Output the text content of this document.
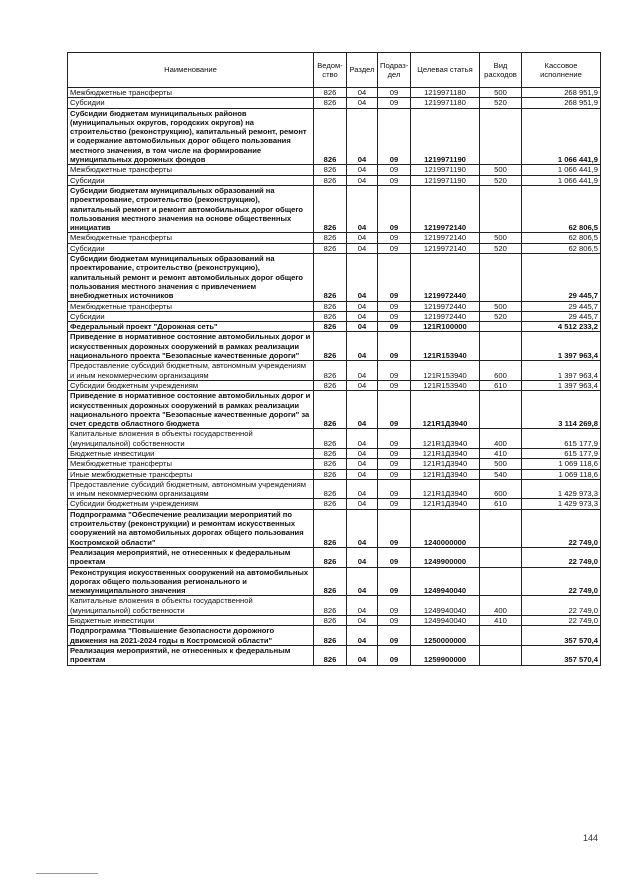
Наименование	Ведом-ство	Раздел	Подраз-дел	Целевая статья	Вид расходов	Кассовое исполнение
Межбюджетные трансферты	826	04	09	1219971180	500	268 951,9
Субсидии	826	04	09	1219971180	520	268 951,9
Субсидии бюджетам муниципальных районов (муниципальных округов, городских округов) на строительство (реконструкцию), капитальный ремонт, ремонт и содержание автомобильных дорог общего пользования местного значения, в том числе на формирование муниципальных дорожных фондов	826	04	09	1219971190		1 066 441,9
Межбюджетные трансферты	826	04	09	1219971190	500	1 066 441,9
Субсидии	826	04	09	1219971190	520	1 066 441,9
Субсидии бюджетам муниципальных образований на проектирование, строительство (реконструкцию), капитальный ремонт и ремонт автомобильных дорог общего пользования местного значения на основе общественных инициатив	826	04	09	1219972140		62 806,5
Межбюджетные трансферты	826	04	09	1219972140	500	62 806,5
Субсидии	826	04	09	1219972140	520	62 806,5
Субсидии бюджетам муниципальных образований на проектирование, строительство (реконструкцию), капитальный ремонт и ремонт автомобильных дорог общего пользования местного значения с привлечением внебюджетных источников	826	04	09	1219972440		29 445,7
Межбюджетные трансферты	826	04	09	1219972440	500	29 445,7
Субсидии	826	04	09	1219972440	520	29 445,7
Федеральный проект "Дорожная сеть"	826	04	09	121R100000		4 512 233,2
Приведение в нормативное состояние автомобильных дорог и искусственных дорожных сооружений в рамках реализации национального проекта "Безопасные качественные дороги"	826	04	09	121R153940		1 397 963,4
Предоставление субсидий бюджетным, автономным учреждениям и иным некоммерческим организациям	826	04	09	121R153940	600	1 397 963,4
Субсидии бюджетным учреждениям	826	04	09	121R153940	610	1 397 963,4
Приведение в нормативное состояние автомобильных дорог и искусственных дорожных сооружений в рамках реализации национального проекта "Безопасные качественные дороги" за счет средств областного бюджета	826	04	09	121R1Д3940		3 114 269,8
Капитальные вложения в объекты государственной (муниципальной) собственности	826	04	09	121R1Д3940	400	615 177,9
Бюджетные инвестиции	826	04	09	121R1Д3940	410	615 177,9
Межбюджетные трансферты	826	04	09	121R1Д3940	500	1 069 118,6
Иные межбюджетные трансферты	826	04	09	121R1Д3940	540	1 069 118,6
Предоставление субсидий бюджетным, автономным учреждениям и иным некоммерческим организациям	826	04	09	121R1Д3940	600	1 429 973,3
Субсидии бюджетным учреждениям	826	04	09	121R1Д3940	610	1 429 973,3
Подпрограмма "Обеспечение реализации мероприятий по строительству (реконструкции) и ремонтам искусственных сооружений на автомобильных дорогах общего пользования Костромской области"	826	04	09	1240000000		22 749,0
Реализация мероприятий, не отнесенных к федеральным проектам	826	04	09	1249900000		22 749,0
Реконструкция искусственных сооружений на автомобильных дорогах общего пользования регионального и межмуниципального значения	826	04	09	1249940040		22 749,0
Капитальные вложения в объекты государственной (муниципальной) собственности	826	04	09	1249940040	400	22 749,0
Бюджетные инвестиции	826	04	09	1249940040	410	22 749,0
Подпрограмма "Повышение безопасности дорожного движения на 2021-2024 годы в Костромской области"	826	04	09	1250000000		357 570,4
Реализация мероприятий, не отнесенных к федеральным проектам	826	04	09	1259900000		357 570,4
144
